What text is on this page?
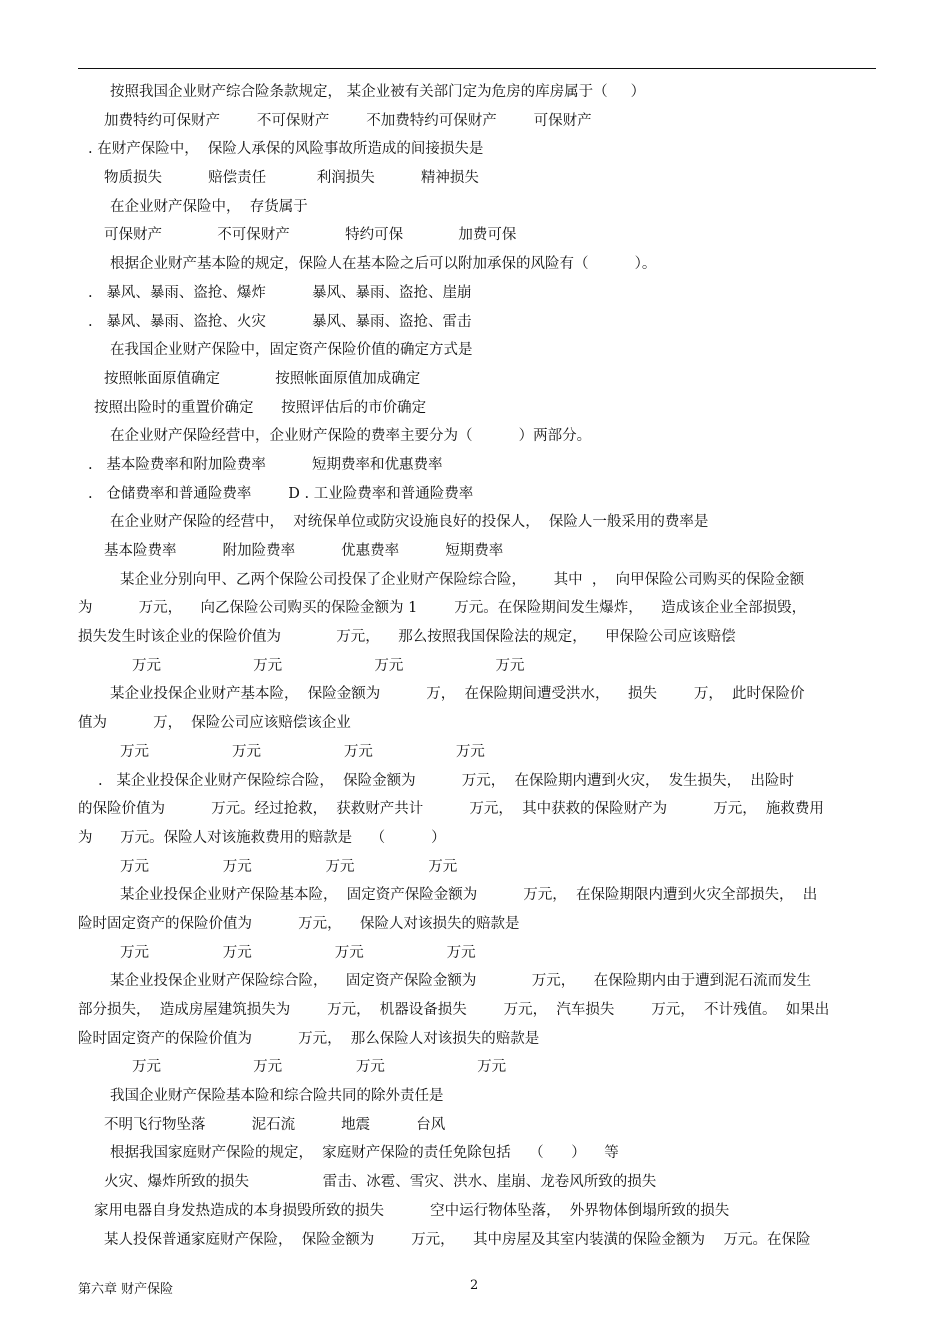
按照我国企业财产综合险条款规定， 某企业被有关部门定为危房的库房属于（     ）
加费特约可保财产        不可保财产        不加费特约可保财产        可保财产
. 在财产保险中，  保险人承保的风险事故所造成的间接损失是
物质损失          赔偿责任           利润损失          精神损失
在企业财产保险中，  存货属于
可保财产            不可保财产            特约可保            加费可保
根据企业财产基本险的规定，保险人在基本险之后可以附加承保的风险有（          ）。
.   暴风、暴雨、盗抢、爆炸          暴风、暴雨、盗抢、崖崩
.   暴风、暴雨、盗抢、火灾          暴风、暴雨、盗抢、雷击
在我国企业财产保险中，固定资产保险价值的确定方式是
按照帐面原值确定            按照帐面原值加成确定
按照出险时的重置价确定      按照评估后的市价确定
在企业财产保险经营中，企业财产保险的费率主要分为（          ）两部分。
.   基本险费率和附加险费率          短期费率和优惠费率
.   仓储费率和普通险费率        D . 工业险费率和普通险费率
在企业财产保险的经营中，  对统保单位或防灾设施良好的投保人，  保险人一般采用的费率是
基本险费率          附加险费率          优惠费率          短期费率
某企业分别向甲、乙两个保险公司投保了企业财产保险综合险，      其中  ，  向甲保险公司购买的保险金额
为          万元，    向乙保险公司购买的保险金额为 1        万元。在保险期间发生爆炸，    造成该企业全部损毁，
损失发生时该企业的保险价值为            万元，    那么按照我国保险法的规定，    甲保险公司应该赔偿
万元                    万元                    万元                    万元
某企业投保企业财产基本险，  保险金额为          万，  在保险期间遭受洪水，    损失        万，  此时保险价
值为          万，  保险公司应该赔偿该企业
万元                  万元                  万元                  万元
.   某企业投保企业财产保险综合险，  保险金额为          万元，  在保险期内遭到火灾，  发生损失，  出险时
的保险价值为          万元。经过抢救，  获救财产共计          万元，  其中获救的保险财产为          万元，  施救费用
为      万元。保险人对该施救费用的赔款是    （          ）
万元                万元                万元                万元
某企业投保企业财产保险基本险，  固定资产保险金额为          万元，  在保险期限内遭到火灾全部损失，  出
险时固定资产的保险价值为          万元，    保险人对该损失的赔款是
万元                万元                  万元                  万元
某企业投保企业财产保险综合险，    固定资产保险金额为            万元，    在保险期内由于遭到泥石流而发生
部分损失，  造成房屋建筑损失为        万元，  机器设备损失        万元，  汽车损失        万元，  不计残值。  如果出
险时固定资产的保险价值为          万元，  那么保险人对该损失的赔款是
万元                    万元                万元                    万元
我国企业财产保险基本险和综合险共同的除外责任是
不明飞行物坠落          泥石流          地震          台风
根据我国家庭财产保险的规定，  家庭财产保险的责任免除包括    （      ）    等
火灾、爆炸所致的损失                雷击、冰雹、雪灾、洪水、崖崩、龙卷风所致的损失
家用电器自身发热造成的本身损毁所致的损失          空中运行物体坠落，  外界物体倒塌所致的损失
某人投保普通家庭财产保险，  保险金额为        万元，    其中房屋及其室内装潢的保险金额为    万元。在保险
第六章 财产保险	2
